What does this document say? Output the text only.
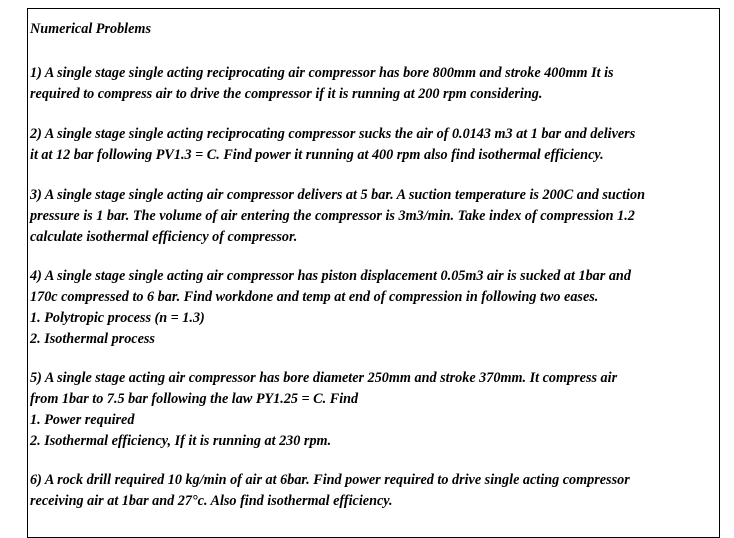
Numerical Problems
1) A single stage single acting reciprocating air compressor has bore 800mm and stroke 400mm It is
required to compress air to drive the compressor if it is running at 200 rpm considering.
2) A single stage single acting reciprocating compressor sucks the air of 0.0143 m3 at 1 bar and delivers
it at 12 bar following PV1.3 = C. Find power it running at 400 rpm also find isothermal efficiency.
3) A single stage single acting air compressor delivers at 5 bar. A suction temperature is 200C and suction
pressure is 1 bar. The volume of air entering the compressor is 3m3/min. Take index of compression 1.2
calculate isothermal efficiency of compressor.
4) A single stage single acting air compressor has piston displacement 0.05m3 air is sucked at 1bar and
170c compressed to 6 bar. Find workdone and temp at end of compression in following two eases.
1. Polytropic process (n = 1.3)
2. Isothermal process
5) A single stage acting air compressor has bore diameter 250mm and stroke 370mm. It compress air
from 1bar to 7.5 bar following the law PY1.25 = C. Find
1. Power required
2. Isothermal efficiency, If it is running at 230 rpm.
6) A rock drill required 10 kg/min of air at 6bar. Find power required to drive single acting compressor
receiving air at 1bar and 27°c. Also find isothermal efficiency.
